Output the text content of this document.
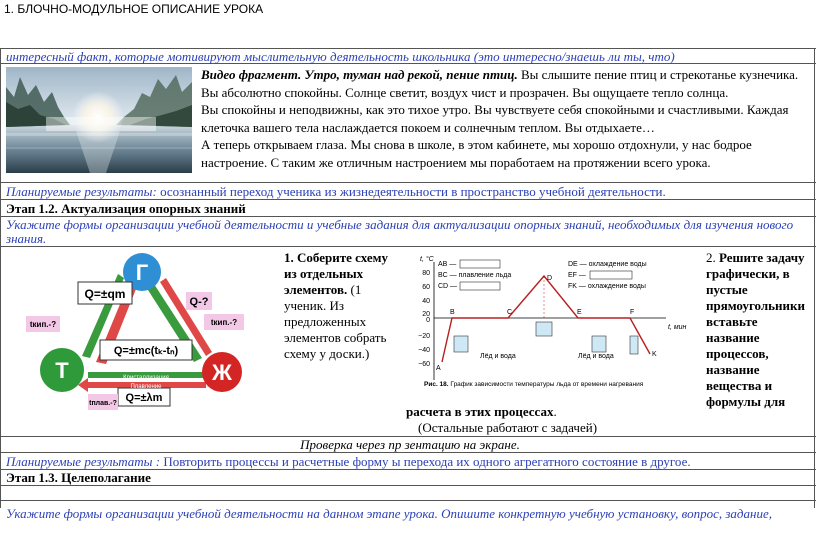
1. БЛОЧНО-МОДУЛЬНОЕ ОПИСАНИЕ УРОКА
интересный факт, которые мотивируют мыслительную деятельность школьника (это интересно/знаешь ли ты, что)
Видео фрагмент. Утро, туман над рекой, пение птиц. Вы слышите пение птиц и стрекотанье кузнечика.
Вы абсолютно спокойны. Солнце светит, воздух чист и прозрачен. Вы ощущаете тепло солнца.
Вы спокойны и неподвижны, как это тихое утро. Вы чувствуете себя спокойными и счастливыми. Каждая
клеточка вашего тела наслаждается покоем и солнечным теплом. Вы отдыхаете…
А теперь открываем глаза. Мы снова в школе, в этом кабинете, мы хорошо отдохнули, у нас бодрое
настроение. С таким же отличным настроением мы поработаем на протяжении всего урока.
Планируемые результаты: осознанный переход ученика из жизнедеятельности в пространство учебной деятельности.
Этап 1.2. Актуализация опорных знаний
Укажите формы организации учебной деятельности и учебные задания для актуализации опорных знаний, необходимых для изучения нового
знания.
Г
Т	Ж
Q=±qm
Q=±mc(tₖ-tₙ)
Q=±λm
Кристаллизация
Плавление
tкип.-?	tкип.-?
Q-?
tплав.-?
1. Соберите схему
из отдельных
элементов. (1
ученик. Из
предложенных
элементов собрать
схему у доски.)
t, °C
t, мин
80
60
40
20
0
−20
−40
−60
AB —
BC — плавление льда
CD —
DE — охлаждение воды
EF —
FK — охлаждение воды
A
B	C
D
E	F
K
Лёд и вода	Лёд и вода
Рис. 18. График зависимости температуры льда от времени нагревания
2. Решите задачу
графически, в
пустые
прямоугольники
вставьте
название
процессов,
название
вещества и
формулы для
расчета в этих процессах.
(Остальные работают с задачей)
Проверка через пр зентацию на экране.
Планируемые результаты : Повторить процессы и расчетные форму ы перехода их одного агрегатного состояние в другое.
Этап 1.3. Целеполагание
Укажите формы организации учебной деятельности на данном этапе урока. Опишите конкретную учебную установку, вопрос, задание,
